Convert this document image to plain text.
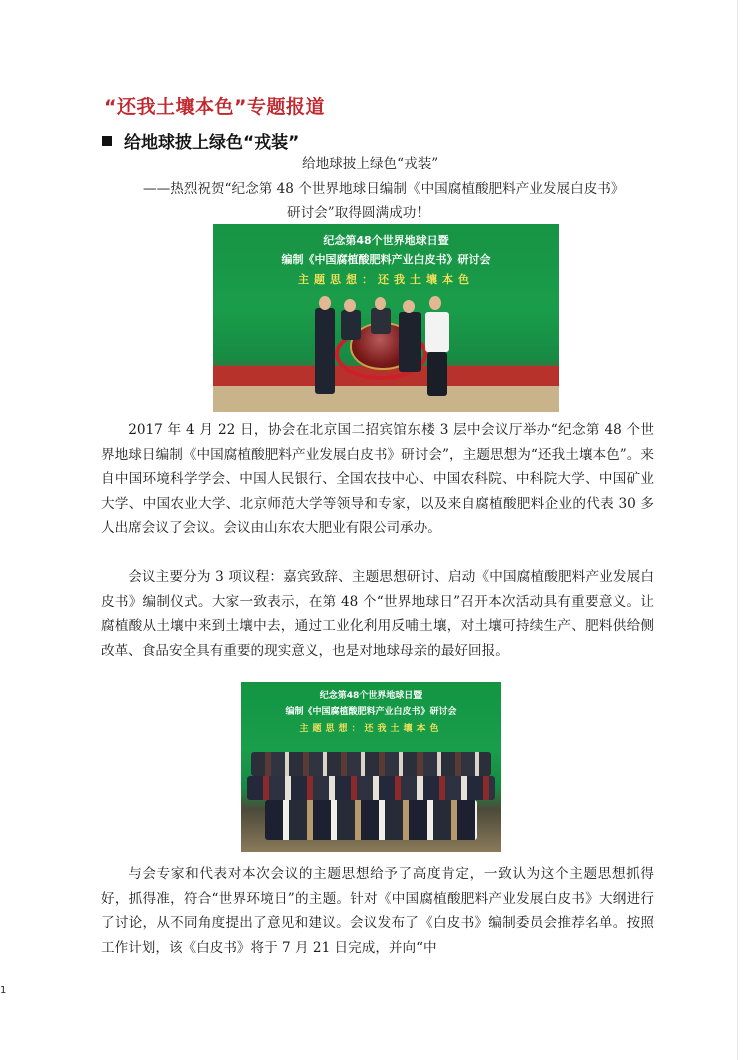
“还我土壤本色”专题报道
给地球披上绿色“戎装”
给地球披上绿色“戎装”
——热烈祝贺“纪念第 48 个世界地球日编制《中国腐植酸肥料产业发展白皮书》
研讨会”取得圆满成功！
纪念第48个世界地球日暨
编制《中国腐植酸肥料产业白皮书》研讨会
主题思想：还我土壤本色
2017 年 4 月 22 日，协会在北京国二招宾馆东楼 3 层中会议厅举办“纪念第 48 个世界地球日编制《中国腐植酸肥料产业发展白皮书》研讨会”，主题思想为“还我土壤本色”。来自中国环境科学学会、中国人民银行、全国农技中心、中国农科院、中科院大学、中国矿业大学、中国农业大学、北京师范大学等领导和专家，以及来自腐植酸肥料企业的代表 30 多人出席会议了会议。会议由山东农大肥业有限公司承办。
会议主要分为 3 项议程：嘉宾致辞、主题思想研讨、启动《中国腐植酸肥料产业发展白皮书》编制仪式。大家一致表示，在第 48 个“世界地球日”召开本次活动具有重要意义。让腐植酸从土壤中来到土壤中去，通过工业化利用反哺土壤，对土壤可持续生产、肥料供给侧改革、食品安全具有重要的现实意义，也是对地球母亲的最好回报。
纪念第48个世界地球日暨
编制《中国腐植酸肥料产业白皮书》研讨会
主题思想：还我土壤本色
与会专家和代表对本次会议的主题思想给予了高度肯定，一致认为这个主题思想抓得好，抓得准，符合“世界环境日”的主题。针对《中国腐植酸肥料产业发展白皮书》大纲进行了讨论，从不同角度提出了意见和建议。会议发布了《白皮书》编制委员会推荐名单。按照工作计划，该《白皮书》将于 7 月 21 日完成，并向“中
1
